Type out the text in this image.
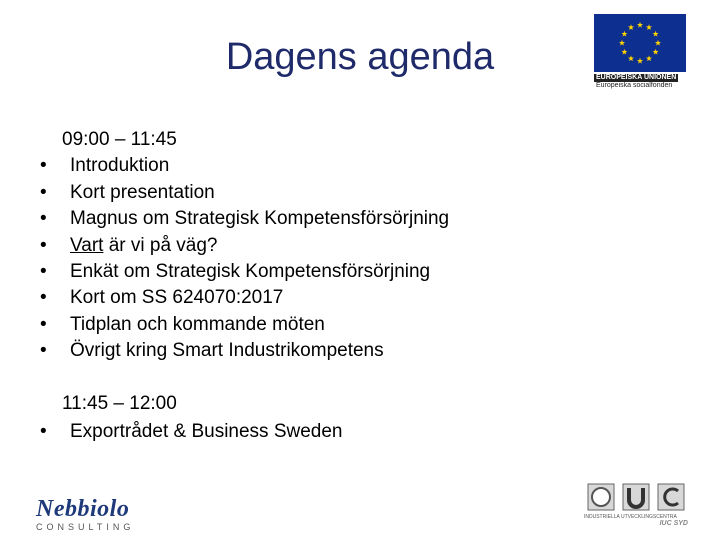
Dagens agenda	EUROPEISKA UNIONEN
Europeiska socialfonden
09:00 – 11:45
•	Introduktion
•	Kort presentation
•	Magnus om Strategisk Kompetensförsörjning
•	Vart är vi på väg?
•	Enkät om Strategisk Kompetensförsörjning
•	Kort om SS 624070:2017
•	Tidplan och kommande möten
•	Övrigt kring Smart Industrikompetens
11:45 – 12:00
•	Exportrådet & Business Sweden
Nebbiolo
CONSULTING
INDUSTRIELLA UTVECKLINGSCENTRA
IUC SYD
